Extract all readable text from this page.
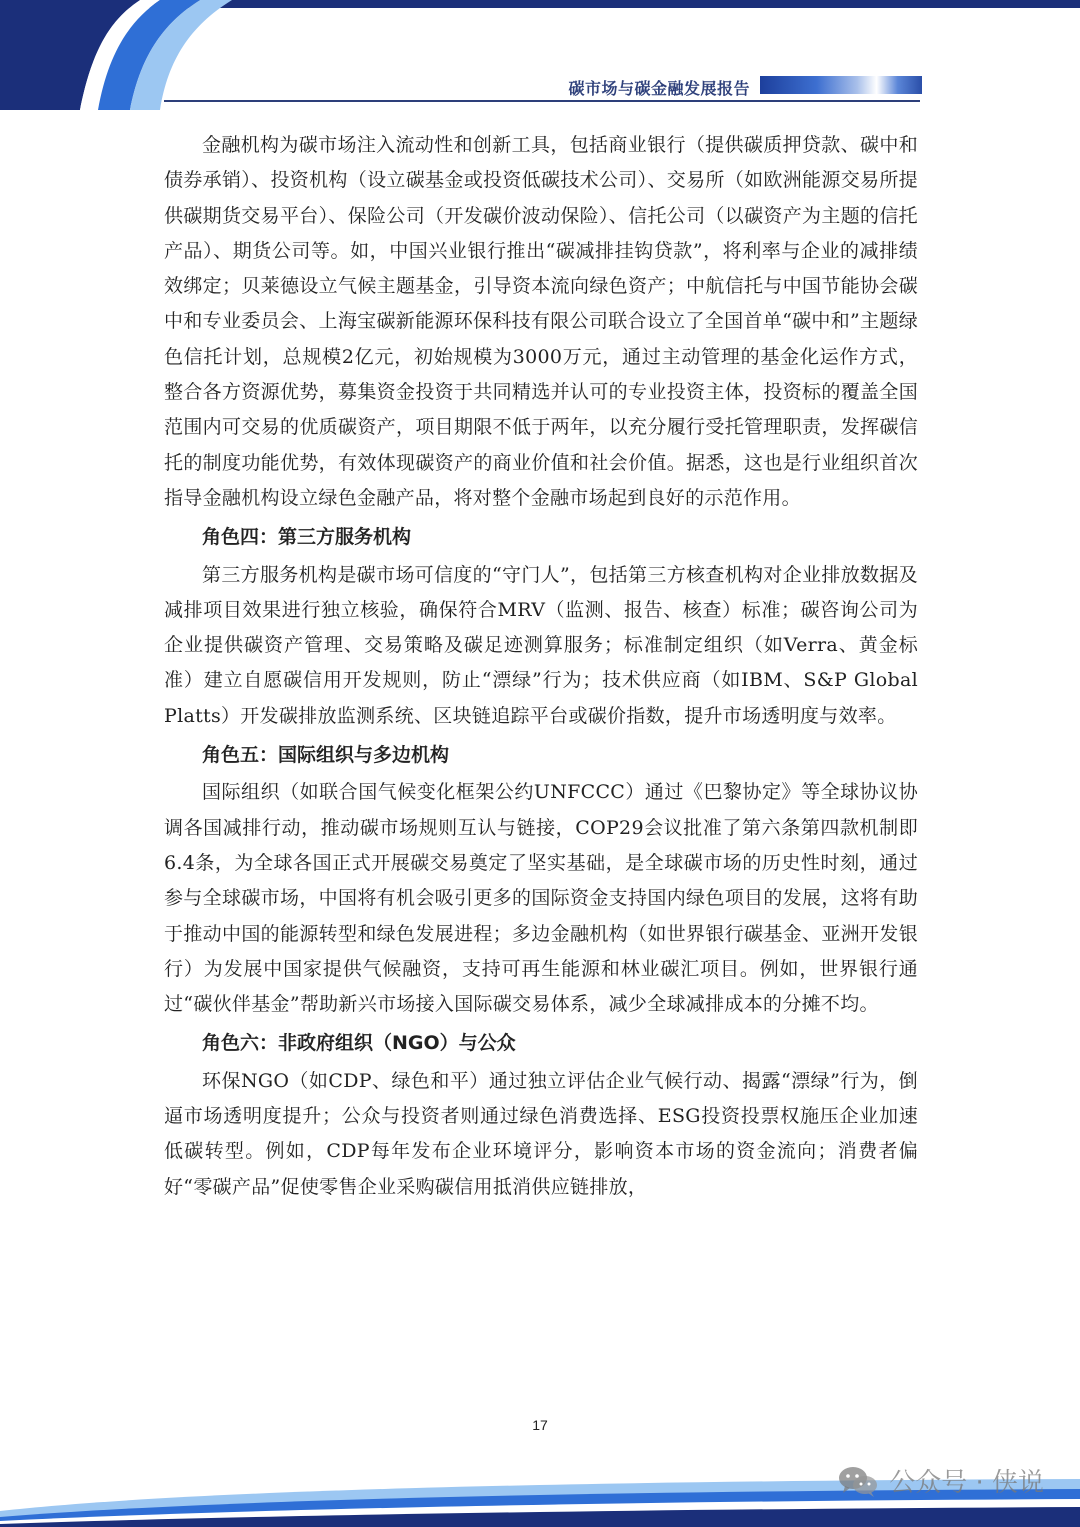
碳市场与碳金融发展报告

金融机构为碳市场注入流动性和创新工具，包括商业银行（提供碳质押贷款、碳中和债券承销）、投资机构（设立碳基金或投资低碳技术公司）、交易所（如欧洲能源交易所提供碳期货交易平台）、保险公司（开发碳价波动保险）、信托公司（以碳资产为主题的信托产品）、期货公司等。如，中国兴业银行推出“碳减排挂钩贷款”，将利率与企业的减排绩效绑定；贝莱德设立气候主题基金，引导资本流向绿色资产；中航信托与中国节能协会碳中和专业委员会、上海宝碳新能源环保科技有限公司联合设立了全国首单“碳中和”主题绿色信托计划，总规模2亿元，初始规模为3000万元，通过主动管理的基金化运作方式，整合各方资源优势，募集资金投资于共同精选并认可的专业投资主体，投资标的覆盖全国范围内可交易的优质碳资产，项目期限不低于两年，以充分履行受托管理职责，发挥碳信托的制度功能优势，有效体现碳资产的商业价值和社会价值。据悉，这也是行业组织首次指导金融机构设立绿色金融产品，将对整个金融市场起到良好的示范作用。

角色四：第三方服务机构

第三方服务机构是碳市场可信度的“守门人”，包括第三方核查机构对企业排放数据及减排项目效果进行独立核验，确保符合MRV（监测、报告、核查）标准；碳咨询公司为企业提供碳资产管理、交易策略及碳足迹测算服务；标准制定组织（如Verra、黄金标准）建立自愿碳信用开发规则，防止“漂绿”行为；技术供应商（如IBM、S&P Global Platts）开发碳排放监测系统、区块链追踪平台或碳价指数，提升市场透明度与效率。

角色五：国际组织与多边机构

国际组织（如联合国气候变化框架公约UNFCCC）通过《巴黎协定》等全球协议协调各国减排行动，推动碳市场规则互认与链接，COP29会议批准了第六条第四款机制即6.4条，为全球各国正式开展碳交易奠定了坚实基础，是全球碳市场的历史性时刻，通过参与全球碳市场，中国将有机会吸引更多的国际资金支持国内绿色项目的发展，这将有助于推动中国的能源转型和绿色发展进程；多边金融机构（如世界银行碳基金、亚洲开发银行）为发展中国家提供气候融资，支持可再生能源和林业碳汇项目。例如，世界银行通过“碳伙伴基金”帮助新兴市场接入国际碳交易体系，减少全球减排成本的分摊不均。

角色六：非政府组织（NGO）与公众

环保NGO（如CDP、绿色和平）通过独立评估企业气候行动、揭露“漂绿”行为，倒逼市场透明度提升；公众与投资者则通过绿色消费选择、ESG投资投票权施压企业加速低碳转型。例如，CDP每年发布企业环境评分，影响资本市场的资金流向；消费者偏好“零碳产品”促使零售企业采购碳信用抵消供应链排放，

17
公众号 · 侠说
